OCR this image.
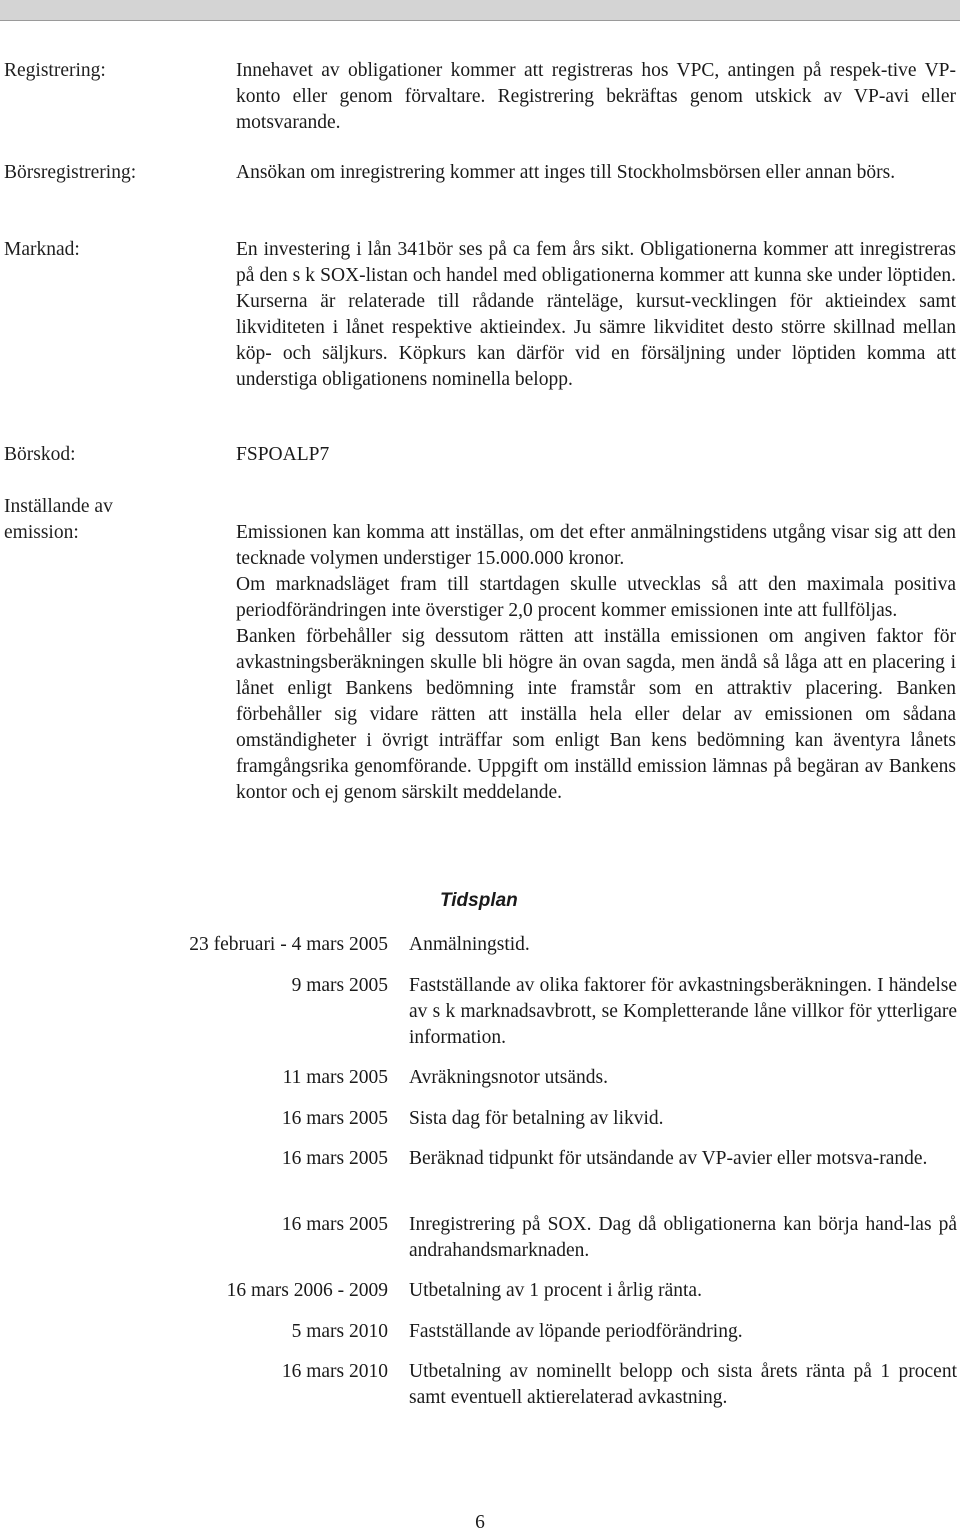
Registrering:	Innehavet av obligationer kommer att registreras hos VPC, antingen på respek-tive VP-konto eller genom förvaltare. Registrering bekräftas genom utskick av VP-avi eller motsvarande.
Börsregistrering:	Ansökan om inregistrering kommer att inges till Stockholmsbörsen eller annan börs.
Marknad:	En investering i lån 341bör ses på ca fem års sikt. Obligationerna kommer att inregistreras på den s k SOX-listan och handel med obligationerna kommer att kunna ske under löptiden. Kurserna är relaterade till rådande ränteläge, kursut-vecklingen för aktieindex samt likviditeten i lånet respektive aktieindex. Ju sämre likviditet desto större skillnad mellan köp- och säljkurs. Köpkurs kan därför vid en försäljning under löptiden komma att understiga obligationens nominella belopp.
Börskod:	FSPOALP7
Inställande av emission:	Emissionen kan komma att inställas, om det efter anmälningstidens utgång visar sig att den tecknade volymen understiger 15.000.000 kronor.

Om marknadsläget fram till startdagen skulle utvecklas så att den maximala positiva periodförändringen inte överstiger 2,0 procent kommer emissionen inte att fullföljas.

Banken förbehåller sig dessutom rätten att inställa emissionen om angiven faktor för avkastningsberäkningen skulle bli högre än ovan sagda, men ändå så låga att en placering i lånet enligt Bankens bedömning inte framstår som en attraktiv placering. Banken förbehåller sig vidare rätten att inställa hela eller delar av emissionen om sådana omständigheter i övrigt inträffar som enligt Ban kens bedömning kan äventyra lånets framgångsrika genomförande. Uppgift om inställd emission lämnas på begäran av Bankens kontor och ej genom särskilt meddelande.

Tidsplan
23 februari - 4 mars 2005 Anmälningstid.
9 mars 2005 Fastställande av olika faktorer för avkastningsberäkningen. I händelse av s k marknadsavbrott, se Kompletterande låne villkor för ytterligare information.
11 mars 2005 Avräkningsnotor utsänds.
16 mars 2005 Sista dag för betalning av likvid.
16 mars 2005 Beräknad tidpunkt för utsändande av VP-avier eller motsva-rande.
16 mars 2005 Inregistrering på SOX. Dag då obligationerna kan börja hand-las på andrahandsmarknaden.
16 mars 2006 - 2009 Utbetalning av 1 procent i årlig ränta.
5 mars 2010 Fastställande av löpande periodförändring.
16 mars 2010 Utbetalning av nominellt belopp och sista årets ränta på 1 procent samt eventuell aktierelaterad avkastning.
6
